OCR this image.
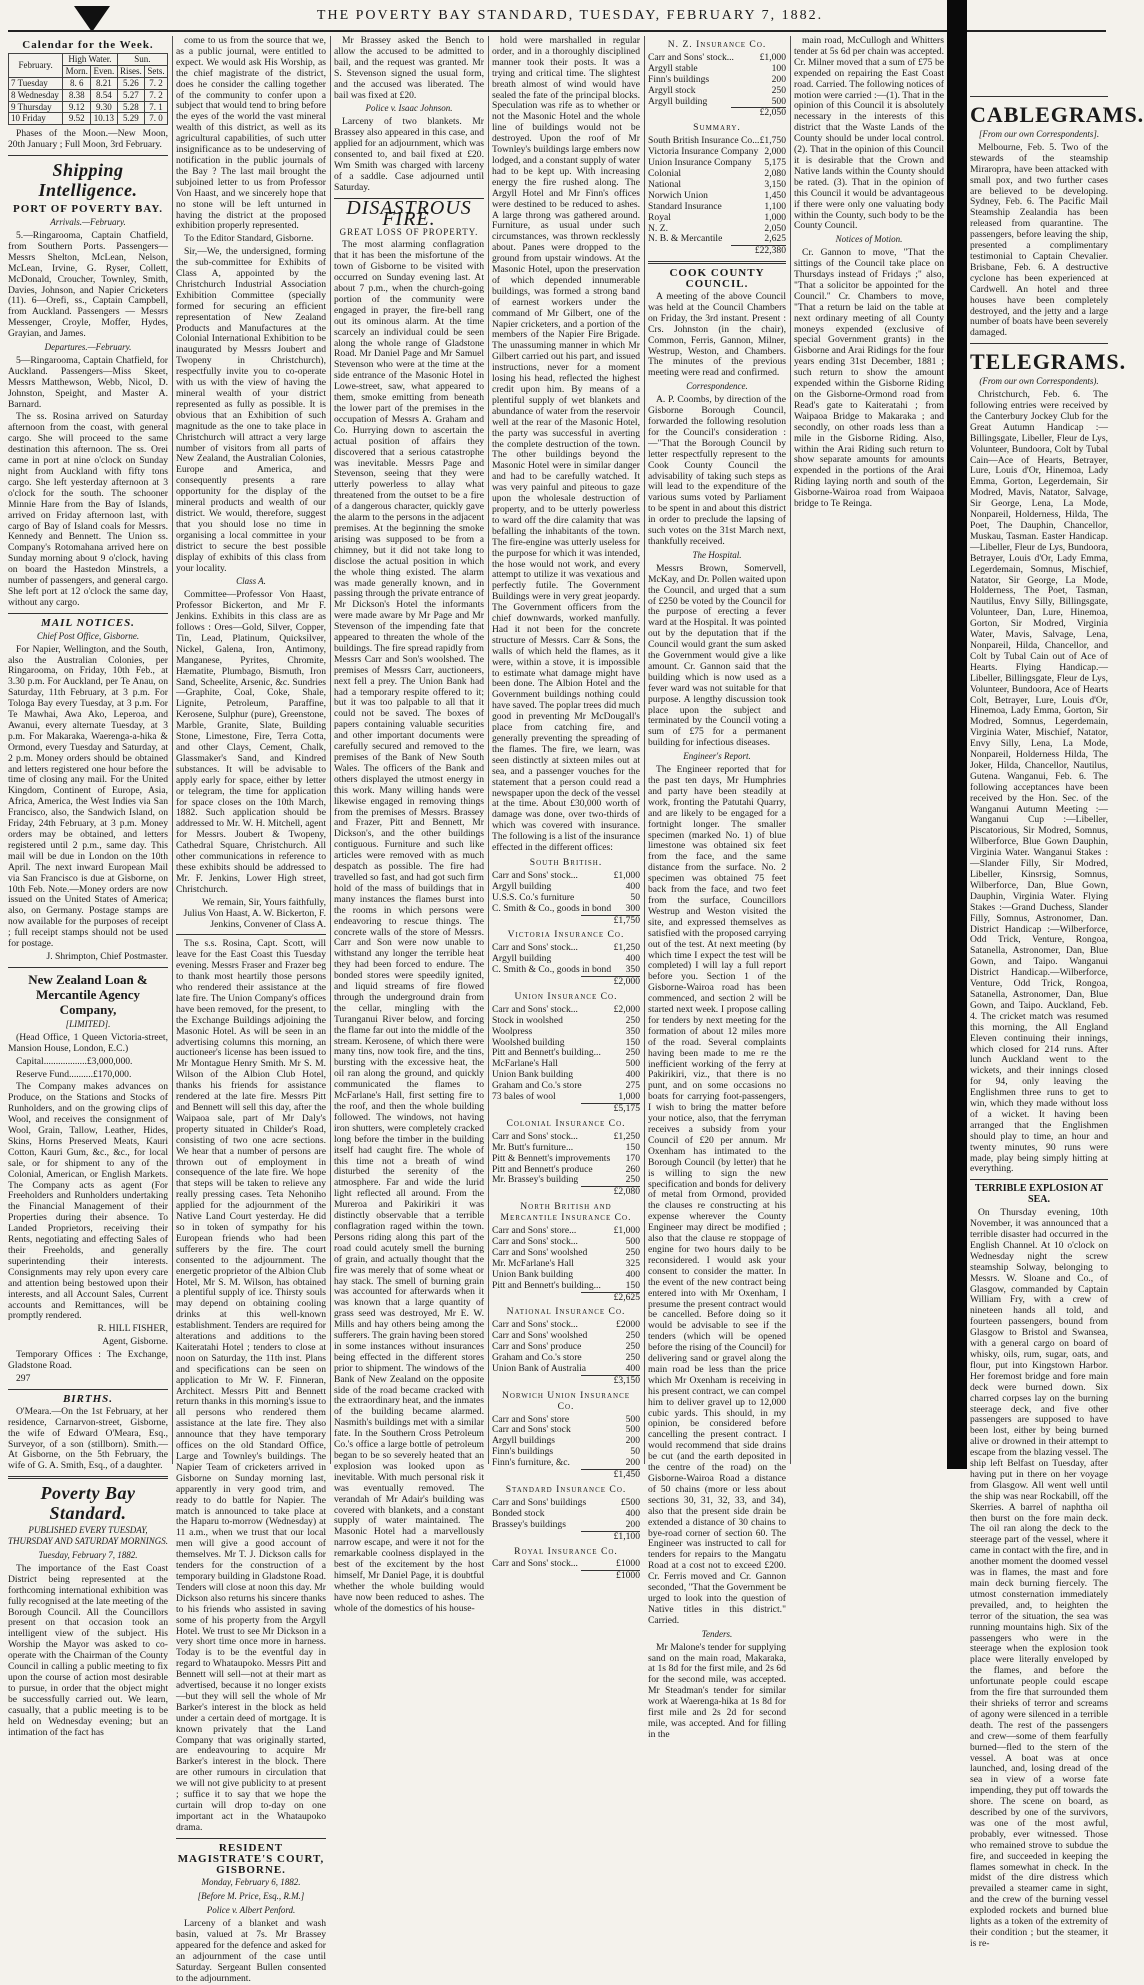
THE POVERTY BAY STANDARD, TUESDAY, FEBRUARY 7, 1882.
Calendar for the Week.
February.	High Water.		Sun.	
	Morn.	Even.	Rises.	Sets.
7 Tuesday	8. 6	8.21	5.26	7. 2
8 Wednesday	8.38	8.54	5.27	7. 2
9 Thursday	9.12	9.30	5.28	7. 1
10 Friday	9.52	10.13	5.29	7. 0

Phases of the Moon.—New Moon, 20th January ; Full Moon, 3rd February.

Shipping Intelligence.
PORT OF POVERTY BAY.
Arrivals.—February.

5.—Ringarooma, Captain Chatfield, from Southern Ports. Passengers—Messrs Shelton, McLean, Nelson, McLean, Irvine, G. Ryser, Collett, McDonald, Croucher, Townley, Smith, Davies, Johnson, and Napier Cricketers (11). 6—Orefi, ss., Captain Campbell, from Auckland. Passengers — Messrs Messenger, Croyle, Moffer, Hydes, Grayian, and James.

Departures.—February.

5—Ringarooma, Captain Chatfield, for Auckland. Passengers—Miss Skeet, Messrs Matthewson, Webb, Nicol, D. Johnston, Speight, and Master A. Barnard.

The ss. Rosina arrived on Saturday afternoon from the coast, with general cargo. She will proceed to the same destination this afternoon. The ss. Orei came in port at nine o'clock on Sunday night from Auckland with fifty tons cargo. She left yesterday afternoon at 3 o'clock for the south. The schooner Minnie Hare from the Bay of Islands, arrived on Friday afternoon last, with cargo of Bay of Island coals for Messrs. Kennedy and Bennett. The Union ss. Company's Rotomahana arrived here on Sunday morning about 9 o'clock, having on board the Hastedon Minstrels, a number of passengers, and general cargo. She left port at 12 o'clock the same day, without any cargo.

MAIL NOTICES.
Chief Post Office, Gisborne.

For Napier, Wellington, and the South, also the Australian Colonies, per Ringarooma, on Friday, 10th Feb., at 3.30 p.m. For Auckland, per Te Anau, on Saturday, 11th February, at 3 p.m. For Tologa Bay every Tuesday, at 3 p.m. For Te Mawhai, Awa Ako, Leperoa, and Awanui, every alternate Tuesday, at 3 p.m. For Makaraka, Waerenga-a-hika & Ormond, every Tuesday and Saturday, at 2 p.m. Money orders should be obtained and letters registered one hour before the time of closing any mail. For the United Kingdom, Continent of Europe, Asia, Africa, America, the West Indies via San Francisco, also, the Sandwich Island, on Friday, 24th February, at 3 p.m. Money orders may be obtained, and letters registered until 2 p.m., same day. This mail will be due in London on the 10th April. The next inward European Mail via San Francisco is due at Gisborne, on 10th Feb. Note.—Money orders are now issued on the United States of America; also, on Germany. Postage stamps are now available for the purposes of receipt ; full receipt stamps should not be used for postage.

J. Shrimpton, Chief Postmaster.

New Zealand Loan & Mercantile Agency Company,
[LIMITED].

(Head Office, 1 Queen Victoria-street, Mansion House, London, E.C.)

Capital..................£3,000,000.

Reserve Fund..........£170,000.

The Company makes advances on Produce, on the Stations and Stocks of Runholders, and on the growing clips of Wool, and receives the consignment of Wool, Grain, Tallow, Leather, Hides, Skins, Horns Preserved Meats, Kauri Cotton, Kauri Gum, &c., &c., for local sale, or for shipment to any of the Colonial, American, or English Markets. The Company acts as agent (For Freeholders and Runholders undertaking the Financial Management of their Properties during their absence. To Landed Proprietors, receiving their Rents, negotiating and effecting Sales of their Freeholds, and generally superintending their interests. Consignments may rely upon every care and attention being bestowed upon their interests, and all Account Sales, Current accounts and Remittances, will be promptly rendered.

R. HILL FISHER,

Agent, Gisborne.

Temporary Offices : The Exchange, Gladstone Road.

297

BIRTHS.

O'Meara.—On the 1st February, at her residence, Carnarvon-street, Gisborne, the wife of Edward O'Meara, Esq., Surveyor, of a son (stillborn). Smith.—At Gisborne, on the 5th February, the wife of G. A. Smith, Esq., of a daughter.

Poverty Bay Standard.
PUBLISHED EVERY TUESDAY, THURSDAY AND SATURDAY MORNINGS.
Tuesday, February 7, 1882.

The importance of the East Coast District being represented at the forthcoming international exhibition was fully recognised at the late meeting of the Borough Council. All the Councillors present on that occasion took an intelligent view of the subject. His Worship the Mayor was asked to co-operate with the Chairman of the County Council in calling a public meeting to fix upon the course of action most desirable to pursue, in order that the object might be successfully carried out. We learn, casually, that a public meeting is to be held on Wednesday evening; but an intimation of the fact has

come to us from the source that we, as a public journal, were entitled to expect. We would ask His Worship, as the chief magistrate of the district, does he consider the calling together of the community to confer upon a subject that would tend to bring before the eyes of the world the vast mineral wealth of this district, as well as its agricultural capabilities, of such utter insignificance as to be undeserving of notification in the public journals of the Bay ? The last mail brought the subjoined letter to us from Professor Von Haast, and we sincerely hope that no stone will be left unturned in having the district at the proposed exhibition properly represented.

To the Editor Standard, Gisborne.

Sir,—We, the undersigned, forming the sub-committee for Exhibits of Class A, appointed by the Christchurch Industrial Association Exhibition Committee (specially formed for securing an efficient representation of New Zealand Products and Manufactures at the Colonial International Exhibition to be inaugurated by Messrs Joubert and Twopeny in Christchurch), respectfully invite you to co-operate with us with the view of having the mineral wealth of your district represented as fully as possible. It is obvious that an Exhibition of such magnitude as the one to take place in Christchurch will attract a very large number of visitors from all parts of New Zealand, the Australian Colonies, Europe and America, and consequently presents a rare opportunity for the display of the mineral products and wealth of our district. We would, therefore, suggest that you should lose no time in organising a local committee in your district to secure the best possible display of exhibits of this class from your locality.

Class A.

Committee—Professor Von Haast, Professor Bickerton, and Mr F. Jenkins. Exhibits in this class are as follows : Ores—Gold, Silver, Copper, Tin, Lead, Platinum, Quicksilver, Nickel, Galena, Iron, Antimony, Manganese, Pyrites, Chromite, Hæmatite, Plumbago, Bismuth, Iron Sand, Scheelite, Arsenic, &c. Sundries—Graphite, Coal, Coke, Shale, Lignite, Petroleum, Paraffine, Kerosene, Sulphur (pure), Greenstone, Marble, Granite, Slate, Building Stone, Limestone, Fire, Terra Cotta, and other Clays, Cement, Chalk, Glassmaker's Sand, and Kindred substances. It will be advisable to apply early for space, either by letter or telegram, the time for application for space closes on the 10th March, 1882. Such application should be addressed to Mr. W. H. Mitchell, agent for Messrs. Joubert & Twopeny, Cathedral Square, Christchurch. All other communications in reference to these exhibits should be addressed to Mr. F. Jenkins, Lower High street, Christchurch.

We remain, Sir, Yours faithfully, Julius Von Haast, A. W. Bickerton, F. Jenkins, Convener of Class A.

The s.s. Rosina, Capt. Scott, will leave for the East Coast this Tuesday evening. Messrs Fraser and Frazer beg to thank most heartily those persons who rendered their assistance at the late fire. The Union Company's offices have been removed, for the present, to the Exchange Buildings adjoining the Masonic Hotel. As will be seen in an advertising columns this morning, an auctioneer's license has been issued to Mr Montague Henry Smith. Mr S. M. Wilson of the Albion Club Hotel, thanks his friends for assistance rendered at the late fire. Messrs Pitt and Bennett will sell this day, after the Waipaoa sale, part of Mr Daly's property situated in Childer's Road, consisting of two one acre sections. We hear that a number of persons are thrown out of employment in consequence of the late fire. We hope that steps will be taken to relieve any really pressing cases. Teta Nehoniho applied for the adjournment of the Native Land Court yesterday. He did so in token of sympathy for his European friends who had been sufferers by the fire. The court consented to the adjournment. The energetic proprietor of the Albion Club Hotel, Mr S. M. Wilson, has obtained a plentiful supply of ice. Thirsty souls may depend on obtaining cooling drinks at this well-known establishment. Tenders are required for alterations and additions to the Kaiteratahi Hotel ; tenders to close at noon on Saturday, the 11th inst. Plans and specifications can be seen on application to Mr W. F. Finneran, Architect. Messrs Pitt and Bennett return thanks in this morning's issue to all persons who rendered them assistance at the late fire. They also announce that they have temporary offices on the old Standard Office, Large and Townley's buildings. The Napier Team of cricketers arrived in Gisborne on Sunday morning last, apparently in very good trim, and ready to do battle for Napier. The match is announced to take place at the Haparu to-morrow (Wednesday) at 11 a.m., when we trust that our local men will give a good account of themselves. Mr T. J. Dickson calls for tenders for the construction of a temporary building in Gladstone Road. Tenders will close at noon this day. Mr Dickson also returns his sincere thanks to his friends who assisted in saving some of his property from the Argyll Hotel. We trust to see Mr Dickson in a very short time once more in harness. Today is to be the eventful day in regard to Whataupoko. Messrs Pitt and Bennett will sell—not at their mart as advertised, because it no longer exists—but they will sell the whole of Mr Barker's interest in the block as held under a certain deed of mortgage. It is known privately that the Land Company that was originally started, are endeavouring to acquire Mr Barker's interest in the block. There are other rumours in circulation that we will not give publicity to at present ; suffice it to say that we hope the curtain will drop to-day on one important act in the Whataupoko drama.

RESIDENT MAGISTRATE'S COURT, GISBORNE.
Monday, February 6, 1882.
[Before M. Price, Esq., R.M.]
Police v. Albert Penford.

Larceny of a blanket and wash basin, valued at 7s. Mr Brassey appeared for the defence and asked for an adjournment of the case until Saturday. Sergeant Bullen consented to the adjournment.

Mr Brassey asked the Bench to allow the accused to be admitted to bail, and the request was granted. Mr S. Stevenson signed the usual form, and the accused was liberated. The bail was fixed at £20.

Police v. Isaac Johnson.

Larceny of two blankets. Mr Brassey also appeared in this case, and applied for an adjournment, which was consented to, and bail fixed at £20. Wm Smith was charged with larceny of a saddle. Case adjourned until Saturday.

DISASTROUS FIRE.
GREAT LOSS OF PROPERTY.

The most alarming conflagration that it has been the misfortune of the town of Gisborne to be visited with occurred on Sunday evening last. At about 7 p.m., when the church-going portion of the community were engaged in prayer, the fire-bell rang out its ominous alarm. At the time scarcely an individual could be seen along the whole range of Gladstone Road. Mr Daniel Page and Mr Samuel Stevenson who were at the time at the side entrance of the Masonic Hotel in Lowe-street, saw, what appeared to them, smoke emitting from beneath the lower part of the premises in the occupation of Messrs A. Graham and Co. Hurrying down to ascertain the actual position of affairs they discovered that a serious catastrophe was inevitable. Messrs Page and Stevenson, seeing that they were utterly powerless to allay what threatened from the outset to be a fire of a dangerous character, quickly gave the alarm to the persons in the adjacent premises. At the beginning the smoke arising was supposed to be from a chimney, but it did not take long to disclose the actual position in which the whole thing existed. The alarm was made generally known, and in passing through the private entrance of Mr Dickson's Hotel the informants were made aware by Mr Page and Mr Stevenson of the impending fate that appeared to threaten the whole of the buildings. The fire spread rapidly from Messrs Carr and Son's woolshed. The premises of Messrs Carr, auctioneers, next fell a prey. The Union Bank had had a temporary respite offered to it; but it was too palpable to all that it could not be saved. The boxes of papers containing valuable securities and other important documents were carefully secured and removed to the premises of the Bank of New South Wales. The officers of the Bank and others displayed the utmost energy in this work. Many willing hands were likewise engaged in removing things from the premises of Messrs. Brassey and Frazer, Pitt and Bennett, Mr Dickson's, and the other buildings contiguous. Furniture and such like articles were removed with as much despatch as possible. The fire had travelled so fast, and had got such firm hold of the mass of buildings that in many instances the flames burst into the rooms in which persons were endeavoring to rescue things. The concrete walls of the store of Messrs. Carr and Son were now unable to withstand any longer the terrible heat they had been forced to endure. The bonded stores were speedily ignited, and liquid streams of fire flowed through the underground drain from the cellar, mingling with the Turanganui River below, and forcing the flame far out into the middle of the stream. Kerosene, of which there were many tins, now took fire, and the tins, bursting with the excessive heat, the oil ran along the ground, and quickly communicated the flames to McFarlane's Hall, first setting fire to the roof, and then the whole building followed. The windows, not having iron shutters, were completely cracked long before the timber in the building itself had caught fire. The whole of this time not a breath of wind disturbed the serenity of the atmosphere. Far and wide the lurid light reflected all around. From the Mureroa and Pakirikiri it was distinctly observable that a terrible conflagration raged within the town. Persons riding along this part of the road could acutely smell the burning of grain, and actually thought that the fire was merely that of some wheat or hay stack. The smell of burning grain was accounted for afterwards when it was known that a large quantity of grass seed was destroyed, Mr E. W. Mills and hay others being among the sufferers. The grain having been stored in some instances without insurances being effected in the different stores prior to shipment. The windows of the Bank of New Zealand on the opposite side of the road became cracked with the extraordinary heat, and the inmates of the building became alarmed. Nasmith's buildings met with a similar fate. In the Southern Cross Petroleum Co.'s office a large bottle of petroleum began to be so severely heated that an explosion was looked upon as inevitable. With much personal risk it was eventually removed. The verandah of Mr Adair's building was covered with blankets, and a constant supply of water maintained. The Masonic Hotel had a marvellously narrow escape, and were it not for the remarkable coolness displayed in the best of the excitement by the host himself, Mr Daniel Page, it is doubtful whether the whole building would have now been reduced to ashes. The whole of the domestics of his house-

hold were marshalled in regular order, and in a thoroughly disciplined manner took their posts. It was a trying and critical time. The slightest breath almost of wind would have sealed the fate of the principal blocks. Speculation was rife as to whether or not the Masonic Hotel and the whole line of buildings would not be destroyed. Upon the roof of Mr Townley's buildings large embers now lodged, and a constant supply of water had to be kept up. With increasing energy the fire rushed along. The Argyll Hotel and Mr Finn's offices were destined to be reduced to ashes. A large throng was gathered around. Furniture, as usual under such circumstances, was thrown recklessly about. Panes were dropped to the ground from upstair windows. At the Masonic Hotel, upon the preservation of which depended innumerable buildings, was formed a strong band of earnest workers under the command of Mr Gilbert, one of the Napier cricketers, and a portion of the members of the Napier Fire Brigade. The unassuming manner in which Mr Gilbert carried out his part, and issued instructions, never for a moment losing his head, reflected the highest credit upon him. By means of a plentiful supply of wet blankets and abundance of water from the reservoir well at the rear of the Masonic Hotel, the party was successful in averting the complete destruction of the town. The other buildings beyond the Masonic Hotel were in similar danger and had to be carefully watched. It was very painful and piteous to gaze upon the wholesale destruction of property, and to be utterly powerless to ward off the dire calamity that was befalling the inhabitants of the town. The fire-engine was utterly useless for the purpose for which it was intended, the hose would not work, and every attempt to utilize it was vexatious and perfectly futile. The Government Buildings were in very great jeopardy. The Government officers from the chief downwards, worked manfully. Had it not been for the concrete structure of Messrs. Carr & Sons, the walls of which held the flames, as it were, within a stove, it is impossible to estimate what damage might have been done. The Albion Hotel and the Government buildings nothing could have saved. The poplar trees did much good in preventing Mr McDougall's place from catching fire, and generally preventing the spreading of the flames. The fire, we learn, was seen distinctly at sixteen miles out at sea, and a passenger vouches for the statement that a person could read a newspaper upon the deck of the vessel at the time. About £30,000 worth of damage was done, over two-thirds of which was covered with insurance. The following is a list of the insurance effected in the different offices:

South British.
Carr and Sons' stock...	£1,000
Argyll building	400
U.S.S. Co.'s furniture	50
C. Smith & Co., goods in bond 300
£1,750
Victoria Insurance Co.
Carr and Sons' stock...	£1,250
Argyll building	400
C. Smith & Co., goods in bond 350
£2,000
Union Insurance Co.
Carr and Sons' stock...	£2,000
Stock in woolshed	250
Woolpress	350
Woolshed building	150
Pitt and Bennett's building...	250
McFarlane's Hall	500
Union Bank building	400
Graham and Co.'s store	275
73 bales of wool	1,000
£5,175
Colonial Insurance Co.
Carr and Sons' stock...	£1,250
Mr. Butt's furniture...	150
Pitt & Bennett's improvements 170
Pitt and Bennett's produce	260
Mr. Brassey's building	250
£2,080
North British and Mercantile Insurance Co.
Carr and Sons' store...	£1,000
Carr and Sons' stock...	500
Carr and Sons' woolshed	250
Mr. McFarlane's Hall	325
Union Bank building	400
Pitt and Bennett's building...	150
£2,625
National Insurance Co.
Carr and Sons' stock...	£2000
Carr and Sons' woolshed	250
Carr and Sons' produce	250
Graham and Co.'s store	250
Union Bank of Australia	400
£3,150
Norwich Union Insurance Co.
Carr and Sons' store	500
Carr and Sons' stock	500
Argyll buildings	200
Finn's buildings	50
Finn's furniture, &c.	200
£1,450
Standard Insurance Co.
Carr and Sons' buildings	£500
Bonded stock	400
Brassey's buildings	200
£1,100
Royal Insurance Co.
Carr and Sons' stock...	£1000
£1000
N. Z. Insurance Co.
Carr and Sons' stock...	£1,000
Argyll stable	100
Finn's buildings	200
Argyll stock	250
Argyll building	500
£2,050
Summary.
South British Insurance Co... £1,750
Victoria Insurance Company 2,000
Union Insurance Company 5,175
Colonial	2,080
National	3,150
Norwich Union	1,450
Standard Insurance	1,100
Royal	1,000
N. Z.	2,050
N. B. & Mercantile	2,625
£22,380
COOK COUNTY COUNCIL.

A meeting of the above Council was held at the Council Chambers on Friday, the 3rd instant. Present : Crs. Johnston (in the chair), Common, Ferris, Gannon, Milner, Westrup, Weston, and Chambers. The minutes of the previous meeting were read and confirmed.

Correspondence.

A. P. Coombs, by direction of the Gisborne Borough Council, forwarded the following resolution for the Council's consideration :—"That the Borough Council by letter respectfully represent to the Cook County Council the advisability of taking such steps as will lead to the expenditure of the various sums voted by Parliament to be spent in and about this district in order to preclude the lapsing of such votes on the 31st March next, thankfully received.

The Hospital.

Messrs Brown, Somervell, McKay, and Dr. Pollen waited upon the Council, and urged that a sum of £250 be voted by the Council for the purpose of erecting a fever ward at the Hospital. It was pointed out by the deputation that if the Council would grant the sum asked the Government would give a like amount. Cr. Gannon said that the building which is now used as a fever ward was not suitable for that purpose. A lengthy discussion took place upon the subject and terminated by the Council voting a sum of £75 for a permanent building for infectious diseases.

Engineer's Report.

The Engineer reported that for the past ten days, Mr Humphries and party have been steadily at work, fronting the Patutahi Quarry, and are likely to be engaged for a fortnight longer. The smaller specimen (marked No. 1) of blue limestone was obtained six feet from the face, and the same distance from the surface. No. 2 specimen was obtained 75 feet back from the face, and two feet from the surface, Councillors Westrup and Weston visited the site, and expressed themselves as satisfied with the proposed carrying out of the test. At next meeting (by which time I expect the test will be completed) I will lay a full report before you. Section 1 of the Gisborne-Wairoa road has been commenced, and section 2 will be started next week. I propose calling for tenders by next meeting for the formation of about 12 miles more of the road. Several complaints having been made to me re the inefficient working of the ferry at Pakirikiri, viz., that there is no punt, and on some occasions no boats for carrying foot-passengers, I wish to bring the matter before your notice, also, that the ferryman receives a subsidy from your Council of £20 per annum. Mr Oxenham has intimated to the Borough Council (by letter) that he is willing to sign the new specification and bonds for delivery of metal from Ormond, provided the clauses re constructing at his expense wherever the County Engineer may direct be modified ; also that the clause re stoppage of engine for two hours daily to be reconsidered. I would ask your consent to consider the matter. In the event of the new contract being entered into with Mr Oxenham, I presume the present contract would be cancelled. Before doing so it would be advisable to see if the tenders (which will be opened before the rising of the Council) for delivering sand or gravel along the main road be less than the price which Mr Oxenham is receiving in his present contract, we can compel him to deliver gravel up to 12,000 cubic yards. This should, in my opinion, be considered before cancelling the present contract. I would recommend that side drains be cut (and the earth deposited in the centre of the road) on the Gisborne-Wairoa Road a distance of 50 chains (more or less about sections 30, 31, 32, 33, and 34), also that the present side drain be extended a distance of 30 chains to bye-road corner of section 60. The Engineer was instructed to call for tenders for repairs to the Mangatu Road at a cost not to exceed £200. Cr. Ferris moved and Cr. Gannon seconded, "That the Government be urged to look into the question of Native titles in this district." Carried.

Tenders.

Mr Malone's tender for supplying sand on the main road, Makaraka, at 1s 8d for the first mile, and 2s 6d for the second mile, was accepted. Mr Steadman's tender for similar work at Waerenga-hika at 1s 8d for first mile and 2s 2d for second mile, was accepted. And for filling in the

main road, McCullogh and Whitters tender at 5s 6d per chain was accepted. Cr. Milner moved that a sum of £75 be expended on repairing the East Coast road. Carried. The following notices of motion were carried :—(1). That in the opinion of this Council it is absolutely necessary in the interests of this district that the Waste Lands of the County should be under local control. (2). That in the opinion of this Council it is desirable that the Crown and Native lands within the County should be rated. (3). That in the opinion of this Council it would be advantageous if there were only one valuating body within the County, such body to be the County Council.

Notices of Motion.

Cr. Gannon to move, "That the sittings of the Council take place on Thursdays instead of Fridays ;" also, "That a solicitor be appointed for the Council." Cr. Chambers to move, "That a return be laid on the table at next ordinary meeting of all County moneys expended (exclusive of special Government grants) in the Gisborne and Arai Ridings for the four years ending 31st December, 1881 ; such return to show the amount expended within the Gisborne Riding on the Gisborne-Ormond road from Read's gate to Kaiteratahi ; from Waipaoa Bridge to Makaraka ; and secondly, on other roads less than a mile in the Gisborne Riding. Also, within the Arai Riding such return to show separate amounts for amounts expended in the portions of the Arai Riding laying north and south of the Gisborne-Wairoa road from Waipaoa bridge to Te Reinga.

CABLEGRAMS.
[From our own Correspondents].

Melbourne, Feb. 5. Two of the stewards of the steamship Miraropra, have been attacked with small pox, and two further cases are believed to be developing. Sydney, Feb. 6. The Pacific Mail Steamship Zealandia has been released from quarantine. The passengers, before leaving the ship, presented a complimentary testimonial to Captain Chevalier. Brisbane, Feb. 6. A destructive cyclone has been experienced at Cardwell. An hotel and three houses have been completely destroyed, and the jetty and a large number of boats have been severely damaged.

TELEGRAMS.
(From our own Correspondents).

Christchurch, Feb. 6. The following entries were received by the Canterbury Jockey Club for the Great Autumn Handicap :— Billingsgate, Libeller, Fleur de Lys, Volunteer, Bundoora, Colt by Tubal Cain—Ace of Hearts, Betrayer, Lure, Louis d'Or, Hinemoa, Lady Emma, Gorton, Legerdemain, Sir Modred, Mavis, Natator, Salvage, Sir George, Lena, La Mode, Nonpareil, Holderness, Hilda, The Poet, The Dauphin, Chancellor, Muskau, Tasman. Easter Handicap.—Libeller, Fleur de Lys, Bundoora, Betrayer, Louis d'Or, Lady Emma, Legerdemain, Somnus, Mischief, Natator, Sir George, La Mode, Holderness, The Poet, Tasman, Nautilus, Envy Silly, Billingsgate, Volunteer, Dan, Lure, Hinemoa, Gorton, Sir Modred, Virginia Water, Mavis, Salvage, Lena, Nonpareil, Hilda, Chancellor, and Colt by Tubal Cain out of Ace of Hearts. Flying Handicap.—Libeller, Billingsgate, Fleur de Lys, Volunteer, Bundoora, Ace of Hearts Colt, Betrayer, Lure, Louis d'Or, Hinemoa, Lady Emma, Gorton, Sir Modred, Somnus, Legerdemain, Virginia Water, Mischief, Natator, Envy Silly, Lena, La Mode, Nonpareil, Holderness Hilda, The Joker, Hilda, Chancellor, Nautilus, Gutena. Wanganui, Feb. 6. The following acceptances have been received by the Hon. Sec. of the Wanganui Autumn Meeting :— Wanganui Cup :—Libeller, Piscatorious, Sir Modred, Somnus, Wilberforce, Blue Gown Dauphin, Virginia Water. Wanganui Stakes :—Slander Filly, Sir Modred, Libeller, Kinsrsig, Somnus, Wilberforce, Dan, Blue Gown, Dauphin, Virginia Water. Flying Stakes :—Grand Duchess, Slander Filly, Somnus, Astronomer, Dan. District Handicap :—Wilberforce, Odd Trick, Venture, Rongoa, Satanella, Astronomer, Dan, Blue Gown, and Taipo. Wanganui District Handicap.—Wilberforce, Venture, Odd Trick, Rongoa, Satanella, Astronomer, Dan, Blue Gown, and Taipo. Auckland, Feb. 4. The cricket match was resumed this morning, the All England Eleven continuing their innings, which closed for 214 runs. After lunch Auckland went to the wickets, and their innings closed for 94, only leaving the Englishmen three runs to get to win, which they made without loss of a wicket. It having been arranged that the Englishmen should play to time, an hour and twenty minutes, 90 runs were made, play being simply hitting at everything.

TERRIBLE EXPLOSION AT SEA.

On Thursday evening, 10th November, it was announced that a terrible disaster had occurred in the English Channel. At 10 o'clock on Wednesday night the screw steamship Solway, belonging to Messrs. W. Sloane and Co., of Glasgow, commanded by Captain William Fry, with a crew of nineteen hands all told, and fourteen passengers, bound from Glasgow to Bristol and Swansea, with a general cargo on board of whisky, oils, rum, sugar, oats, and flour, put into Kingstown Harbor. Her foremost bridge and fore main deck were burned down. Six charred corpses lay on the burning steerage deck, and five other passengers are supposed to have been lost, either by being burned alive or drowned in their attempt to escape from the blazing vessel. The ship left Belfast on Tuesday, after having put in there on her voyage from Glasgow. All went well until the ship was near Rockabill, off the Skerries. A barrel of naphtha oil then burst on the fore main deck. The oil ran along the deck to the steerage part of the vessel, where it came in contact with the fire, and in another moment the doomed vessel was in flames, the mast and fore main deck burning fiercely. The utmost consternation immediately prevailed, and, to heighten the terror of the situation, the sea was running mountains high. Six of the passengers who were in the steerage when the explosion took place were literally enveloped by the flames, and before the unfortunate people could escape from the fire that surrounded them their shrieks of terror and screams of agony were silenced in a terrible death. The rest of the passengers and crew—some of them fearfully burned—fled to the stern of the vessel. A boat was at once launched, and, losing dread of the sea in view of a worse fate impending, they put off towards the shore. The scene on board, as described by one of the survivors, was one of the most awful, probably, ever witnessed. Those who remained strove to subdue the fire, and succeeded in keeping the flames somewhat in check. In the midst of the dire distress which prevailed a steamer came in sight, and the crew of the burning vessel exploded rockets and burned blue lights as a token of the extremity of their condition ; but the steamer, it is re-
